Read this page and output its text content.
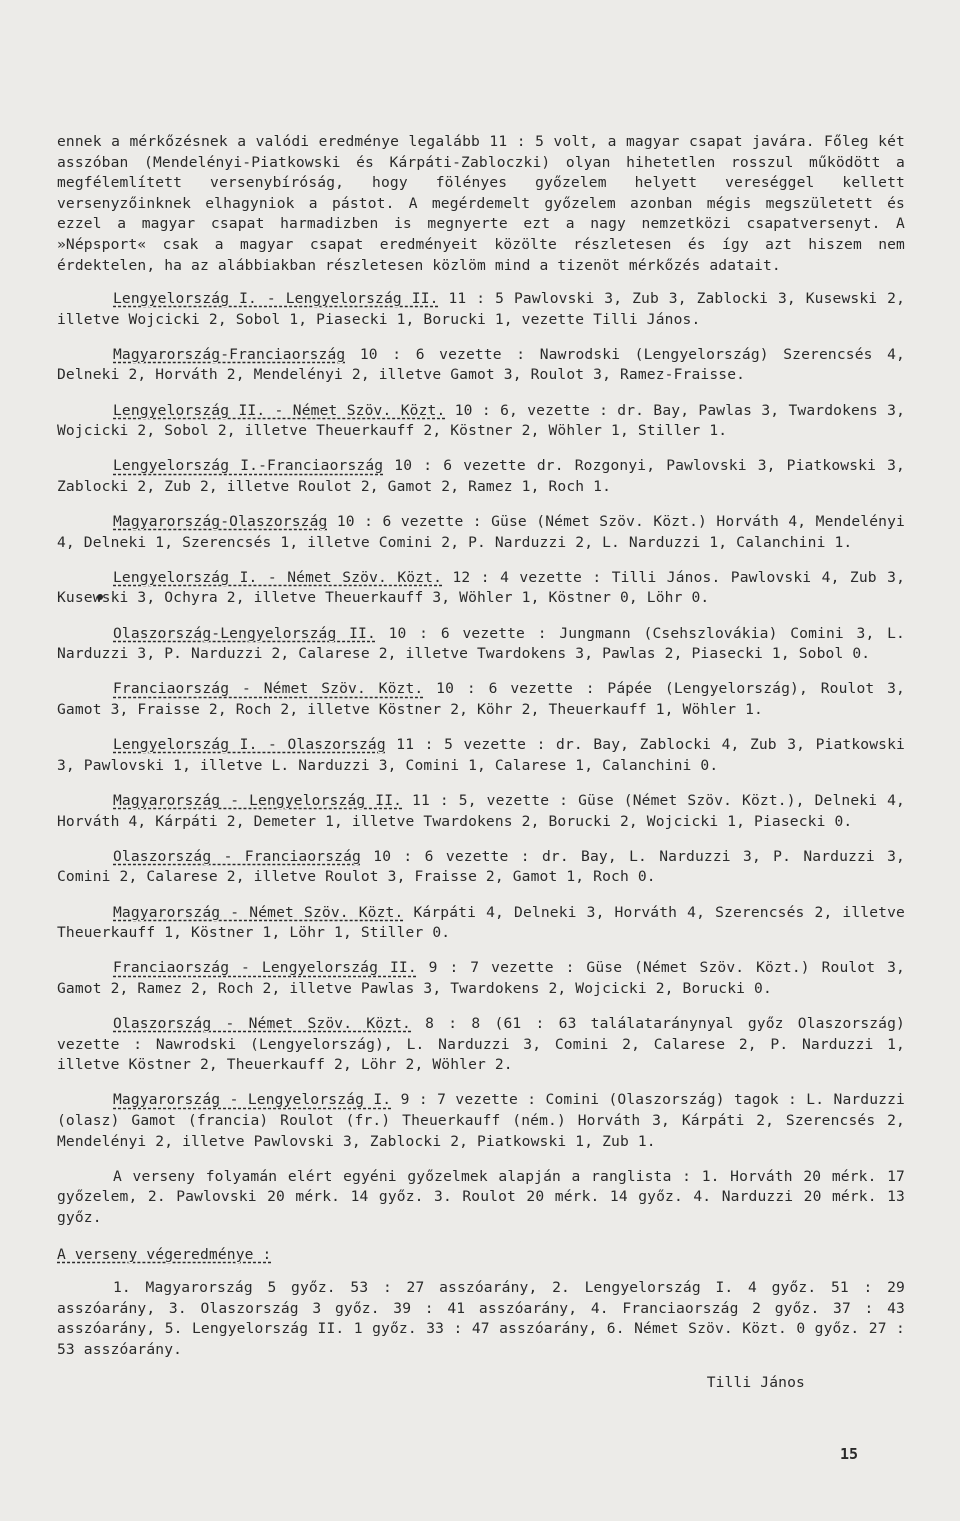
ennek a mérkőzésnek a valódi eredménye legalább 11 : 5 volt, a magyar csapat javára. Főleg két asszóban (Mendelényi-Piatkowski és Kárpáti-Zabloczki) olyan hihetetlen rosszul működött a megfélemlített versenybíróság, hogy fölényes győzelem helyett vereséggel kellett versenyzőinknek elhagyniok a pástot. A megérdemelt győzelem azonban mégis megszületett és ezzel a magyar csapat harmadizben is megnyerte ezt a nagy nemzetközi csapatversenyt. A »Népsport« csak a magyar csapat eredményeit közölte részletesen és így azt hiszem nem érdektelen, ha az alábbiakban részletesen közlöm mind a tizenöt mérkőzés adatait.

Lengyelország I. - Lengyelország II. 11 : 5 Pawlovski 3, Zub 3, Zablocki 3, Kusewski 2, illetve Wojcicki 2, Sobol 1, Piasecki 1, Borucki 1, vezette Tilli János.

Magyarország-Franciaország 10 : 6 vezette : Nawrodski (Lengyelország) Szerencsés 4, Delneki 2, Horváth 2, Mendelényi 2, illetve Gamot 3, Roulot 3, Ramez-Fraisse.

Lengyelország II. - Német Szöv. Közt. 10 : 6, vezette : dr. Bay, Pawlas 3, Twardokens 3, Wojcicki 2, Sobol 2, illetve Theuerkauff 2, Köstner 2, Wöhler 1, Stiller 1.

Lengyelország I.-Franciaország 10 : 6 vezette dr. Rozgonyi, Pawlovski 3, Piatkowski 3, Zablocki 2, Zub 2, illetve Roulot 2, Gamot 2, Ramez 1, Roch 1.

Magyarország-Olaszország 10 : 6 vezette : Güse (Német Szöv. Közt.) Horváth 4, Mendelényi 4, Delneki 1, Szerencsés 1, illetve Comini 2, P. Narduzzi 2, L. Narduzzi 1, Calanchini 1.

Lengyelország I. - Német Szöv. Közt. 12 : 4 vezette : Tilli János. Pawlovski 4, Zub 3, Kusewski 3, Ochyra 2, illetve Theuerkauff 3, Wöhler 1, Köstner 0, Löhr 0.

Olaszország-Lengyelország II. 10 : 6 vezette : Jungmann (Csehszlovákia) Comini 3, L. Narduzzi 3, P. Narduzzi 2, Calarese 2, illetve Twardokens 3, Pawlas 2, Piasecki 1, Sobol 0.

Franciaország - Német Szöv. Közt. 10 : 6 vezette : Pápée (Lengyelország), Roulot 3, Gamot 3, Fraisse 2, Roch 2, illetve Köstner 2, Köhr 2, Theuerkauff 1, Wöhler 1.

Lengyelország I. - Olaszország 11 : 5 vezette : dr. Bay, Zablocki 4, Zub 3, Piatkowski 3, Pawlovski 1, illetve L. Narduzzi 3, Comini 1, Calarese 1, Calanchini 0.

Magyarország - Lengyelország II. 11 : 5, vezette : Güse (Német Szöv. Közt.), Delneki 4, Horváth 4, Kárpáti 2, Demeter 1, illetve Twardokens 2, Borucki 2, Wojcicki 1, Piasecki 0.

Olaszország - Franciaország 10 : 6 vezette : dr. Bay, L. Narduzzi 3, P. Narduzzi 3, Comini 2, Calarese 2, illetve Roulot 3, Fraisse 2, Gamot 1, Roch 0.

Magyarország - Német Szöv. Közt. Kárpáti 4, Delneki 3, Horváth 4, Szerencsés 2, illetve Theuerkauff 1, Köstner 1, Löhr 1, Stiller 0.

Franciaország - Lengyelország II. 9 : 7 vezette : Güse (Német Szöv. Közt.) Roulot 3, Gamot 2, Ramez 2, Roch 2, illetve Pawlas 3, Twardokens 2, Wojcicki 2, Borucki 0.

Olaszország - Német Szöv. Közt. 8 : 8 (61 : 63 találataránynyal győz Olaszország) vezette : Nawrodski (Lengyelország), L. Narduzzi 3, Comini 2, Calarese 2, P. Narduzzi 1, illetve Köstner 2, Theuerkauff 2, Löhr 2, Wöhler 2.

Magyarország - Lengyelország I. 9 : 7 vezette : Comini (Olaszország) tagok : L. Narduzzi (olasz) Gamot (francia) Roulot (fr.) Theuerkauff (ném.) Horváth 3, Kárpáti 2, Szerencsés 2, Mendelényi 2, illetve Pawlovski 3, Zablocki 2, Piatkowski 1, Zub 1.

A verseny folyamán elért egyéni győzelmek alapján a ranglista : 1. Horváth 20 mérk. 17 győzelem, 2. Pawlovski 20 mérk. 14 győz. 3. Roulot 20 mérk. 14 győz. 4. Narduzzi 20 mérk. 13 győz.

A verseny végeredménye :

1. Magyarország 5 győz. 53 : 27 asszóarány, 2. Lengyelország I. 4 győz. 51 : 29 asszóarány, 3. Olaszország 3 győz. 39 : 41 asszóarány, 4. Franciaország 2 győz. 37 : 43 asszóarány, 5. Lengyelország II. 1 győz. 33 : 47 asszóarány, 6. Német Szöv. Közt. 0 győz. 27 : 53 asszóarány.

Tilli János
15
